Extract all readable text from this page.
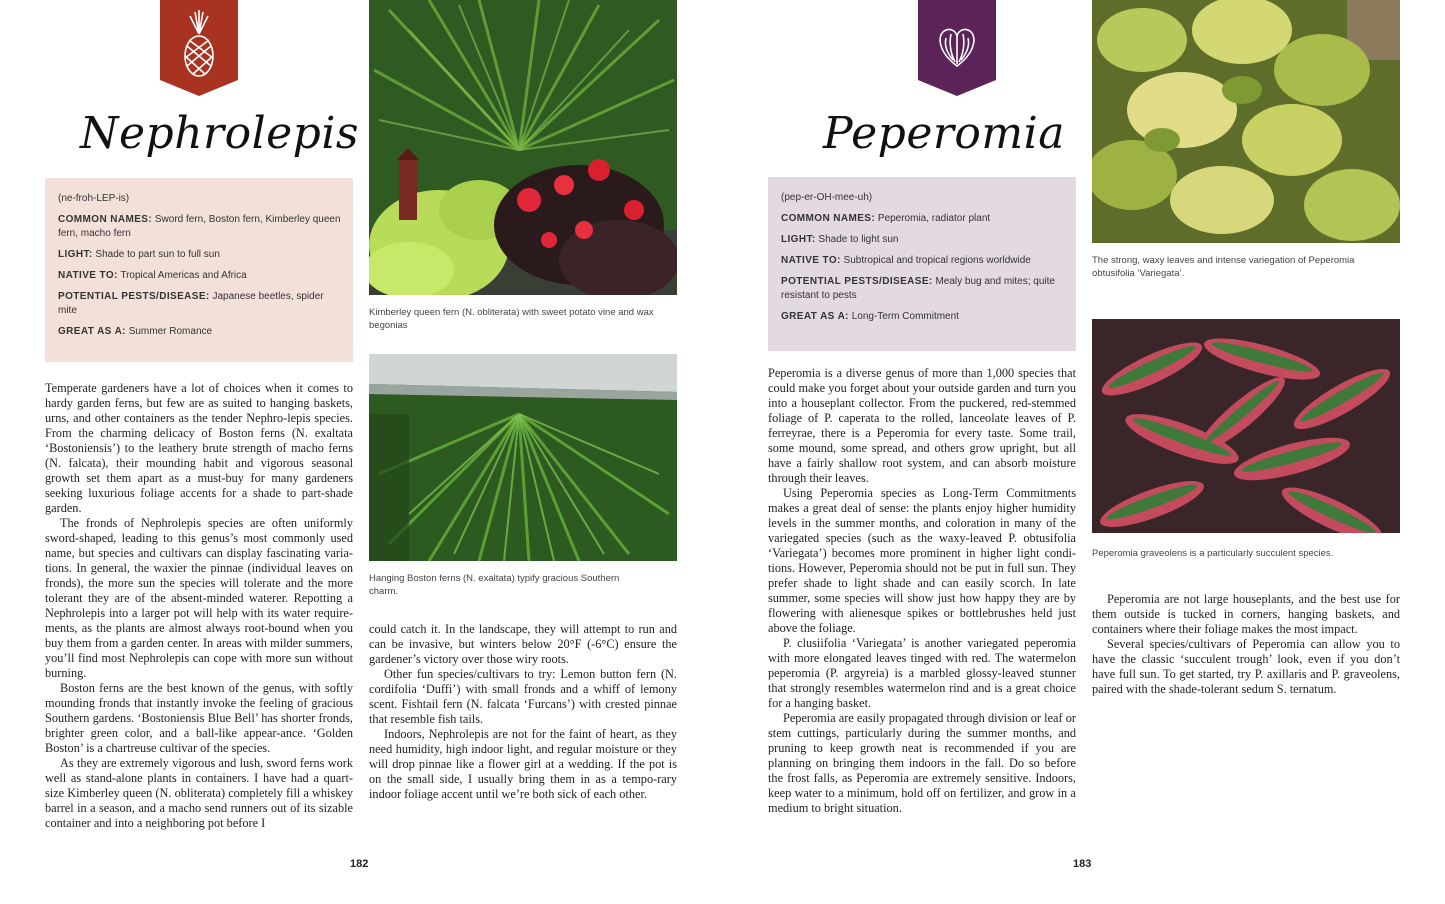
Nephrolepis
(ne-froh-LEP-is)
COMMON NAMES: Sword fern, Boston fern, Kimberley queen fern, macho fern
LIGHT: Shade to part sun to full sun
NATIVE TO: Tropical Americas and Africa
POTENTIAL PESTS/DISEASE: Japanese beetles, spider mite
GREAT AS A: Summer Romance

Temperate gardeners have a lot of choices when it comes to hardy garden ferns, but few are as suited to hanging baskets, urns, and other containers as the tender Nephro-lepis species. From the charming delicacy of Boston ferns (N. exaltata ‘Bostoniensis’) to the leathery brute strength of macho ferns (N. falcata), their mounding habit and vigorous seasonal growth set them apart as a must-buy for many gardeners seeking luxurious foliage accents for a shade to part-shade garden.

The fronds of Nephrolepis species are often uniformly sword-shaped, leading to this genus’s most commonly used name, but species and cultivars can display fascinating varia-tions. In general, the waxier the pinnae (individual leaves on fronds), the more sun the species will tolerate and the more tolerant they are of the absent-minded waterer. Repotting a Nephrolepis into a larger pot will help with its water require-ments, as the plants are almost always root-bound when you buy them from a garden center. In areas with milder summers, you’ll find most Nephrolepis can cope with more sun without burning.

Boston ferns are the best known of the genus, with softly mounding fronds that instantly invoke the feeling of gracious Southern gardens. ‘Bostoniensis Blue Bell’ has shorter fronds, brighter green color, and a ball-like appear-ance. ‘Golden Boston’ is a chartreuse cultivar of the species.

As they are extremely vigorous and lush, sword ferns work well as stand-alone plants in containers. I have had a quart-size Kimberley queen (N. obliterata) completely fill a whiskey barrel in a season, and a macho send runners out of its sizable container and into a neighboring pot before I

Kimberley queen fern (N. obliterata) with sweet potato vine and wax begonias
Hanging Boston ferns (N. exaltata) typify gracious Southern charm.

could catch it. In the landscape, they will attempt to run and can be invasive, but winters below 20°F (-6°C) ensure the gardener’s victory over those wiry roots.

Other fun species/cultivars to try: Lemon button fern (N. cordifolia ‘Duffi’) with small fronds and a whiff of lemony scent. Fishtail fern (N. falcata ‘Furcans’) with crested pinnae that resemble fish tails.

Indoors, Nephrolepis are not for the faint of heart, as they need humidity, high indoor light, and regular moisture or they will drop pinnae like a flower girl at a wedding. If the pot is on the small side, I usually bring them in as a tempo-rary indoor foliage accent until we’re both sick of each other.

182
Peperomia
(pep-er-OH-mee-uh)
COMMON NAMES: Peperomia, radiator plant
LIGHT: Shade to light sun
NATIVE TO: Subtropical and tropical regions worldwide
POTENTIAL PESTS/DISEASE: Mealy bug and mites; quite resistant to pests
GREAT AS A: Long-Term Commitment

Peperomia is a diverse genus of more than 1,000 species that could make you forget about your outside garden and turn you into a houseplant collector. From the puckered, red-stemmed foliage of P. caperata to the rolled, lanceolate leaves of P. ferreyrae, there is a Peperomia for every taste. Some trail, some mound, some spread, and others grow upright, but all have a fairly shallow root system, and can absorb moisture through their leaves.

Using Peperomia species as Long-Term Commitments makes a great deal of sense: the plants enjoy higher humidity levels in the summer months, and coloration in many of the variegated species (such as the waxy-leaved P. obtusifolia ‘Variegata’) becomes more prominent in higher light condi-tions. However, Peperomia should not be put in full sun. They prefer shade to light shade and can easily scorch. In late summer, some species will show just how happy they are by flowering with alienesque spikes or bottlebrushes held just above the foliage.

P. clusiifolia ‘Variegata’ is another variegated peperomia with more elongated leaves tinged with red. The watermelon peperomia (P. argyreia) is a marbled glossy-leaved stunner that strongly resembles watermelon rind and is a great choice for a hanging basket.

Peperomia are easily propagated through division or leaf or stem cuttings, particularly during the summer months, and pruning to keep growth neat is recommended if you are planning on bringing them indoors in the fall. Do so before the frost falls, as Peperomia are extremely sensitive. Indoors, keep water to a minimum, hold off on fertilizer, and grow in a medium to bright situation.

The strong, waxy leaves and intense variegation of Peperomia obtusifolia ‘Variegata’.
Peperomia graveolens is a particularly succulent species.

Peperomia are not large houseplants, and the best use for them outside is tucked in corners, hanging baskets, and containers where their foliage makes the most impact.

Several species/cultivars of Peperomia can allow you to have the classic ‘succulent trough’ look, even if you don’t have full sun. To get started, try P. axillaris and P. graveolens, paired with the shade-tolerant sedum S. ternatum.

183
